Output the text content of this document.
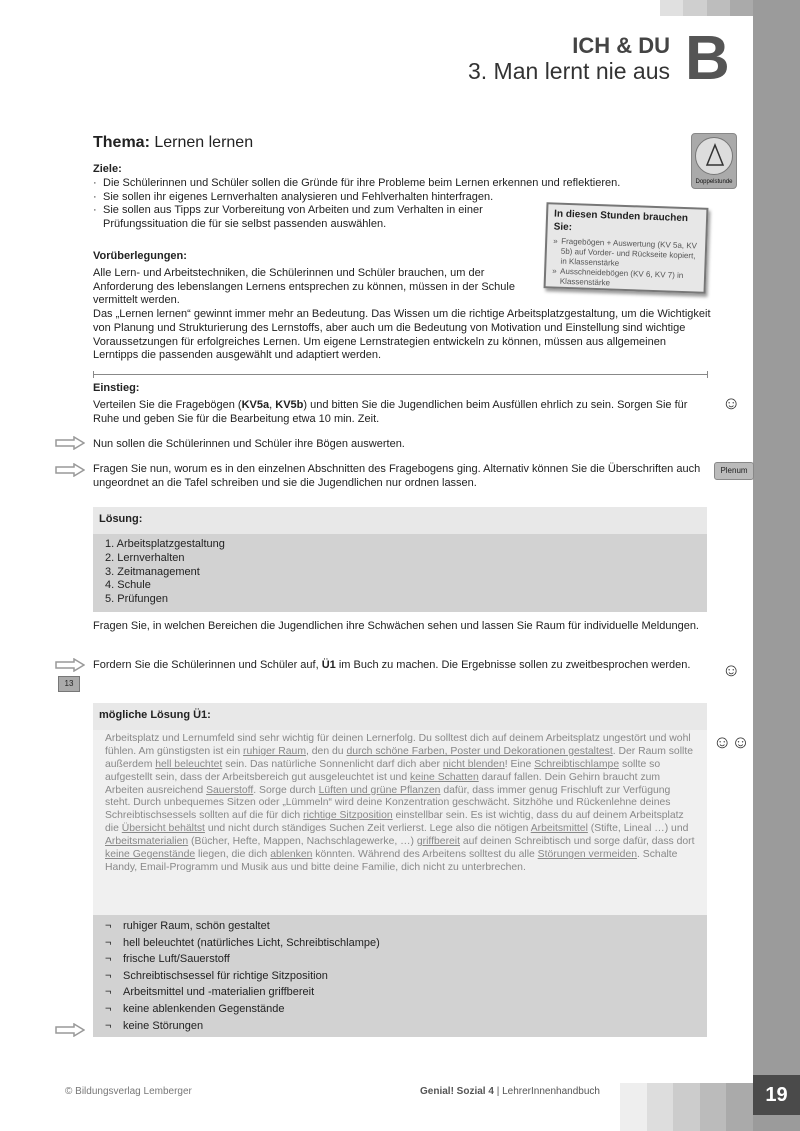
19
ICH & DU
3. Man lernt nie aus B
Thema: Lernen lernen
Doppelstunde
Ziele:
· Die Schülerinnen und Schüler sollen die Gründe für ihre Probleme beim Lernen erkennen und reflektieren.
· Sie sollen ihr eigenes Lernverhalten analysieren und Fehlverhalten hinterfragen.
· Sie sollen aus Tipps zur Vorbereitung von Arbeiten und zum Verhalten in einer Prüfungssituation die für sie selbst passenden auswählen.	In diesen Stunden brauchen Sie:
» Fragebögen + Auswertung (KV 5a, KV 5b) auf Vorder- und Rückseite kopiert, in Klassenstärke
» Ausschneidebögen (KV 6, KV 7) in Klassenstärke
Vorüberlegungen:
Alle Lern- und Arbeitstechniken, die Schülerinnen und Schüler brauchen, um der Anforderung des lebenslangen Lernens entsprechen zu können, müssen in der Schule vermittelt werden.
Das „Lernen lernen“ gewinnt immer mehr an Bedeutung. Das Wissen um die richtige Arbeitsplatzgestaltung, um die Wichtigkeit von Planung und Strukturierung des Lernstoffs, aber auch um die Bedeutung von Motivation und Einstellung sind wichtige Voraussetzungen für erfolgreiches Lernen. Um eigene Lernstrategien entwickeln zu können, müssen aus allgemeinen Lerntipps die passenden ausgewählt und adaptiert werden.
Einstieg:
Verteilen Sie die Fragebögen (KV5a, KV5b) und bitten Sie die Jugendlichen beim Ausfüllen ehrlich zu sein. Sorgen Sie für Ruhe und geben Sie für die Bearbeitung etwa 10 min. Zeit.
☺
Nun sollen die Schülerinnen und Schüler ihre Bögen auswerten.
Fragen Sie nun, worum es in den einzelnen Abschnitten des Fragebogens ging. Alternativ können Sie die Überschriften auch ungeordnet an die Tafel schreiben und sie die Jugendlichen nur ordnen lassen.
Plenum
Lösung:
1. Arbeitsplatzgestaltung
2. Lernverhalten
3. Zeitmanagement
4. Schule
5. Prüfungen
Fragen Sie, in welchen Bereichen die Jugendlichen ihre Schwächen sehen und lassen Sie Raum für individuelle Meldungen.
13
Fordern Sie die Schülerinnen und Schüler auf, Ü1 im Buch zu machen. Die Ergebnisse sollen zu zweitbesprochen werden.	☺
mögliche Lösung Ü1:
☺☺
Arbeitsplatz und Lernumfeld sind sehr wichtig für deinen Lernerfolg. Du solltest dich auf deinem Arbeitsplatz ungestört und wohl fühlen. Am günstigsten ist ein ruhiger Raum, den du durch schöne Farben, Poster und Dekorationen gestaltest. Der Raum sollte außerdem hell beleuchtet sein. Das natürliche Sonnenlicht darf dich aber nicht blenden! Eine Schreibtischlampe sollte so aufgestellt sein, dass der Arbeitsbereich gut ausgeleuchtet ist und keine Schatten darauf fallen. Dein Gehirn braucht zum Arbeiten ausreichend Sauerstoff. Sorge durch Lüften und grüne Pflanzen dafür, dass immer genug Frischluft zur Verfügung steht. Durch unbequemes Sitzen oder „Lümmeln“ wird deine Konzentration geschwächt. Sitzhöhe und Rückenlehne deines Schreibtischsessels sollten auf die für dich richtige Sitzposition einstellbar sein. Es ist wichtig, dass du auf deinem Arbeitsplatz die Übersicht behältst und nicht durch ständiges Suchen Zeit verlierst. Lege also die nötigen Arbeitsmittel (Stifte, Lineal …) und Arbeitsmaterialien (Bücher, Hefte, Mappen, Nachschlagewerke, …) griffbereit auf deinen Schreibtisch und sorge dafür, dass dort keine Gegenstände liegen, die dich ablenken könnten. Während des Arbeitens solltest du alle Störungen vermeiden. Schalte Handy, Email-Programm und Musik aus und bitte deine Familie, dich nicht zu unterbrechen.
¬ ruhiger Raum, schön gestaltet
¬ hell beleuchtet (natürliches Licht, Schreibtischlampe)
¬ frische Luft/Sauerstoff
¬ Schreibtischsessel für richtige Sitzposition
¬ Arbeitsmittel und -materialien griffbereit
¬ keine ablenkenden Gegenstände
¬ keine Störungen
© Bildungsverlag Lemberger	Genial! Sozial 4 | LehrerInnenhandbuch
